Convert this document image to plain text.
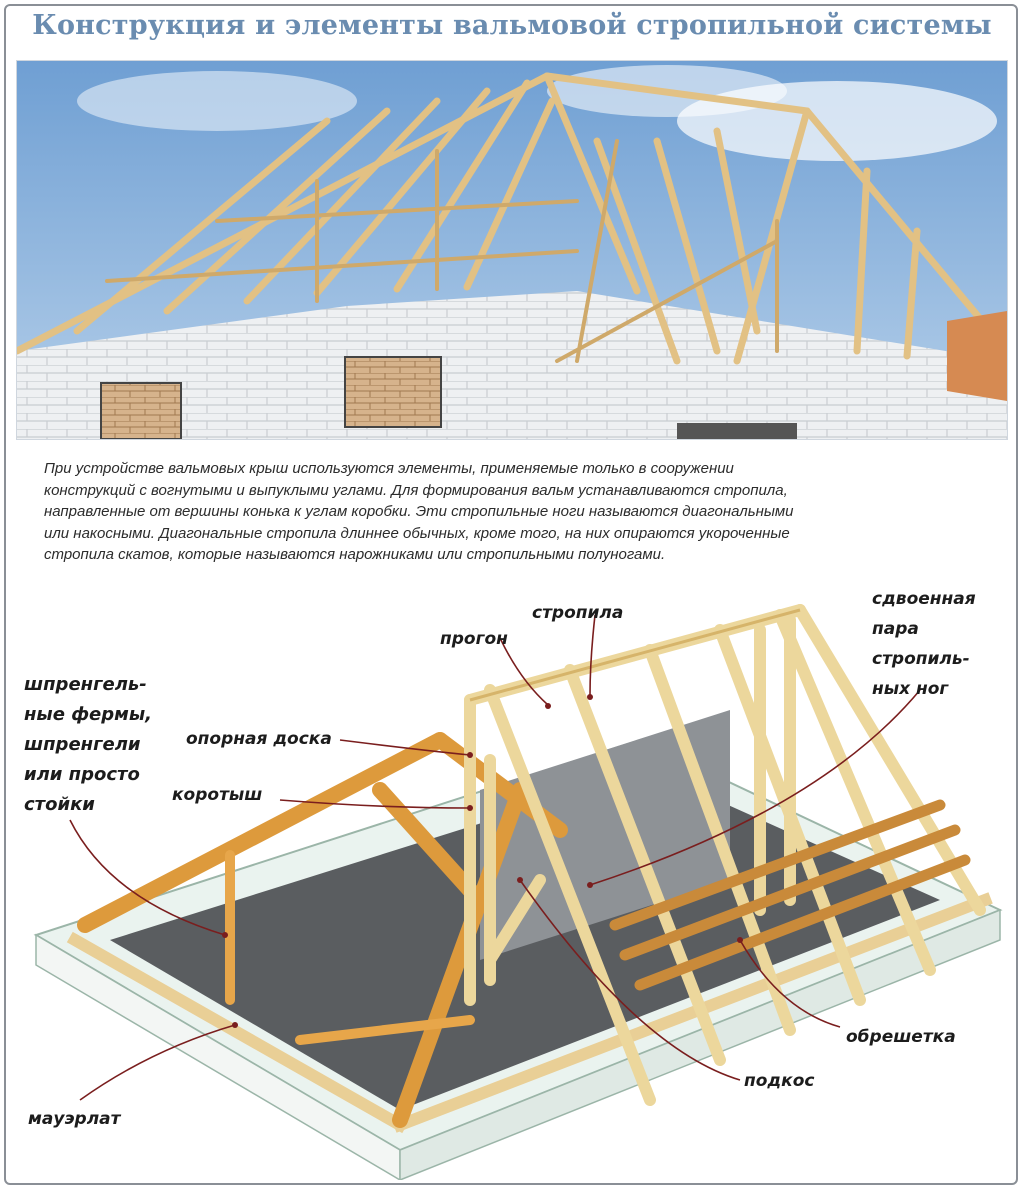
Конструкция и элементы вальмовой стропильной системы
При устройстве вальмовых крыш используются элементы, применяемые только в сооружении
конструкций с вогнутыми и выпуклыми углами. Для формирования вальм устанавливаются стропила,
направленные от вершины конька к углам коробки. Эти стропильные ноги называются диагональными
или накосными. Диагональные стропила длиннее обычных, кроме того, на них опираются укороченные
стропила скатов, которые называются нарожниками или стропильными полуногами.
стропила
прогон
сдвоенная
пара
стропиль-
ных ног
шпренгель-
ные фермы,
шпренгели
или просто
стойки
опорная доска
коротыш
обрешетка
подкос
мауэрлат
